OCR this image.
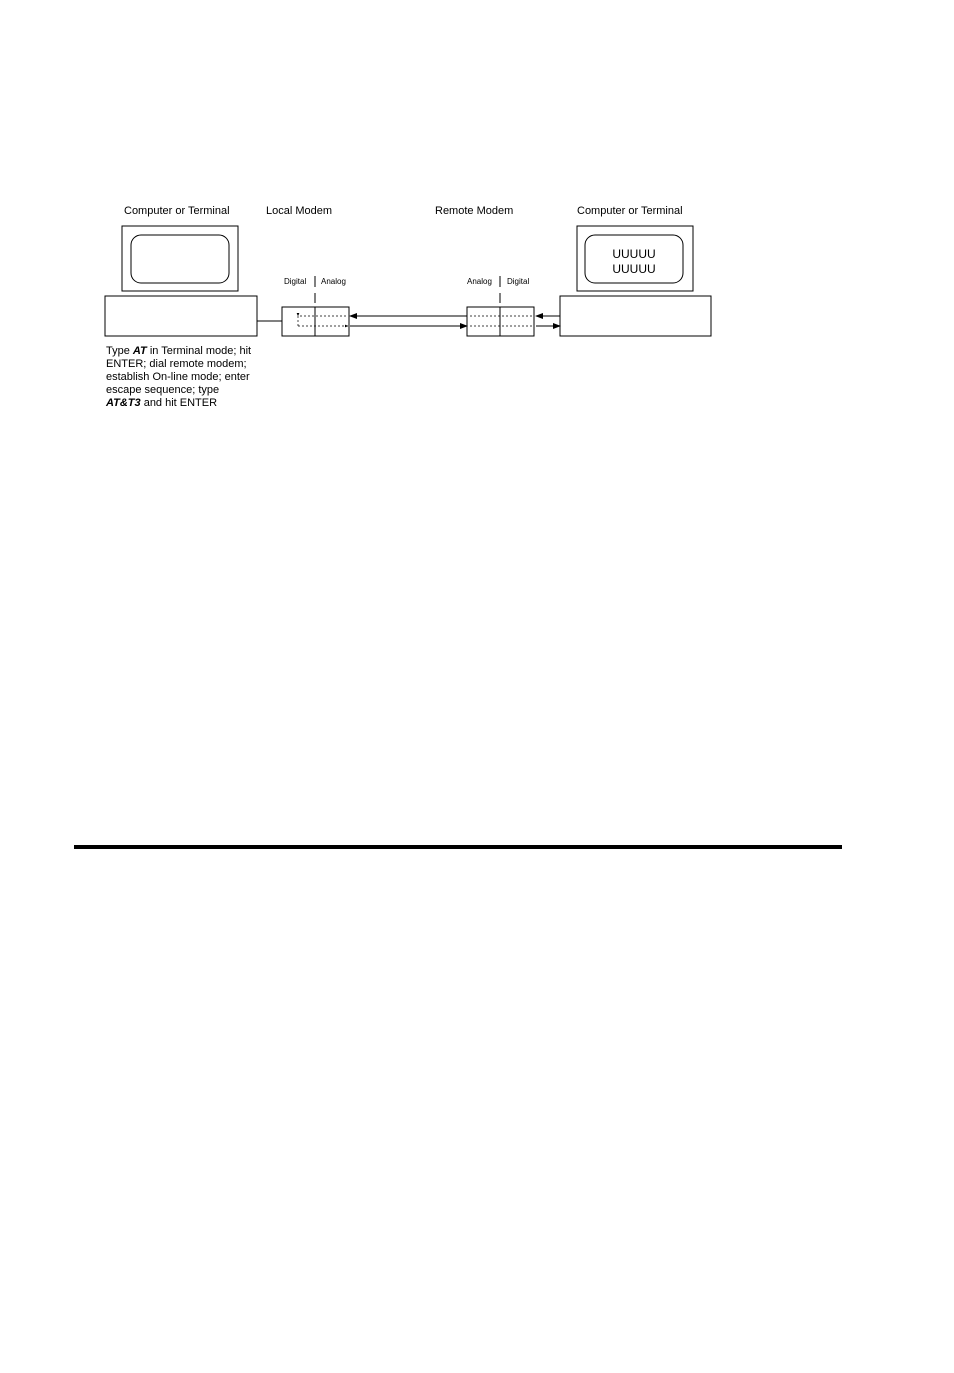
Computer or Terminal	Local Modem	Remote Modem	Computer or Terminal
Digital Analog	Analog Digital
UUUUU
UUUUU
Type AT in Terminal mode; hit
ENTER; dial remote modem;
establish On-line mode; enter
escape sequence; type
AT&T3 and hit ENTER
